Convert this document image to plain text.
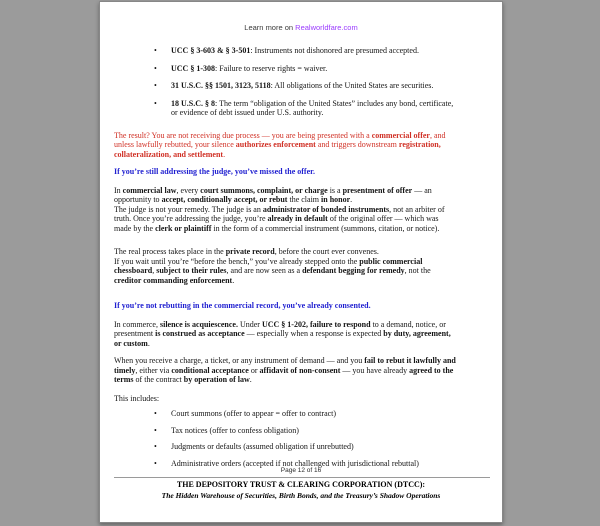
Learn more on Realworldfare.com
• UCC § 3-603 & § 3-501: Instruments not dishonored are presumed accepted.
• UCC § 1-308: Failure to reserve rights = waiver.
• 31 U.S.C. §§ 1501, 3123, 5118: All obligations of the United States are securities.
• 18 U.S.C. § 8: The term “obligation of the United States” includes any bond, certificate, or evidence of debt issued under U.S. authority.

The result? You are not receiving due process — you are being presented with a commercial offer, and unless lawfully rebutted, your silence authorizes enforcement and triggers downstream registration, collateralization, and settlement.

If you’re still addressing the judge, you’ve missed the offer.

In commercial law, every court summons, complaint, or charge is a presentment of offer — an opportunity to accept, conditionally accept, or rebut the claim in honor.
The judge is not your remedy. The judge is an administrator of bonded instruments, not an arbiter of truth. Once you’re addressing the judge, you’re already in default of the original offer — which was made by the clerk or plaintiff in the form of a commercial instrument (summons, citation, or notice).

The real process takes place in the private record, before the court ever convenes.
If you wait until you’re “before the bench,” you’ve already stepped onto the public commercial chessboard, subject to their rules, and are now seen as a defendant begging for remedy, not the creditor commanding enforcement.

If you’re not rebutting in the commercial record, you’ve already consented.

In commerce, silence is acquiescence. Under UCC § 1-202, failure to respond to a demand, notice, or presentment is construed as acceptance — especially when a response is expected by duty, agreement, or custom.

When you receive a charge, a ticket, or any instrument of demand — and you fail to rebut it lawfully and timely, either via conditional acceptance or affidavit of non-consent — you have already agreed to the terms of the contract by operation of law.

This includes:

• Court summons (offer to appear = offer to contract)
• Tax notices (offer to confess obligation)
• Judgments or defaults (assumed obligation if unrebutted)
• Administrative orders (accepted if not challenged with jurisdictional rebuttal)
Page 12 of 16
THE DEPOSITORY TRUST & CLEARING CORPORATION (DTCC):
The Hidden Warehouse of Securities, Birth Bonds, and the Treasury’s Shadow Operations
